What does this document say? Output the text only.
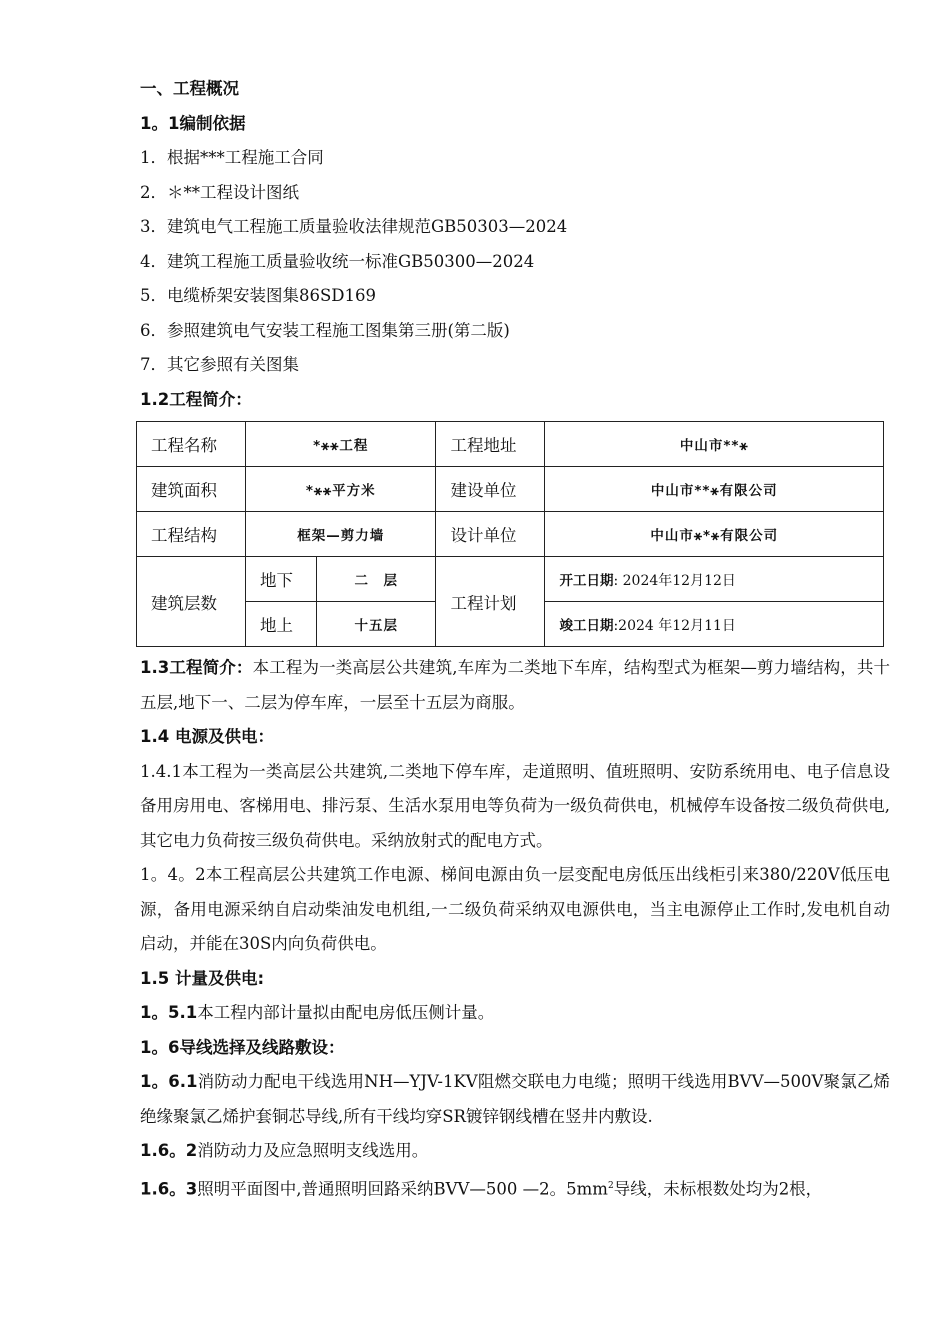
一、工程概况
1。1编制依据
1．根据***工程施工合同
2．＊**工程设计图纸
3．建筑电气工程施工质量验收法律规范GB50303—2024
4．建筑工程施工质量验收统一标准GB50300—2024
5．电缆桥架安装图集86SD169
6．参照建筑电气安装工程施工图集第三册(第二版)
7．其它参照有关图集
1.2工程简介：
工程名称	*⚹⚹工程		工程地址	中山市**⚹
建筑面积	*⚹⚹平方米		建设单位	中山市**⚹有限公司
工程结构	框架—剪力墙		设计单位	中山市⚹*⚹有限公司
建筑层数	地下	二　层	工程计划	开工日期: 2024年12月12日
	地上	十五层		竣工日期:2024 年12月11日
1.3工程简介：本工程为一类高层公共建筑,车库为二类地下车库，结构型式为框架—剪力墙结构，共十五层,地下一、二层为停车库，一层至十五层为商服。
1.4 电源及供电：
1.4.1本工程为一类高层公共建筑,二类地下停车库，走道照明、值班照明、安防系统用电、电子信息设备用房用电、客梯用电、排污泵、生活水泵用电等负荷为一级负荷供电，机械停车设备按二级负荷供电,其它电力负荷按三级负荷供电。采纳放射式的配电方式。
1。4。2本工程高层公共建筑工作电源、梯间电源由负一层变配电房低压出线柜引来380/220V低压电源，备用电源采纳自启动柴油发电机组,一二级负荷采纳双电源供电，当主电源停止工作时,发电机自动启动，并能在30S内向负荷供电。
1.5 计量及供电:
1。5.1本工程内部计量拟由配电房低压侧计量。
1。6导线选择及线路敷设：
1。6.1消防动力配电干线选用NH—YJV-1KV阻燃交联电力电缆；照明干线选用BVV—500V聚氯乙烯绝缘聚氯乙烯护套铜芯导线,所有干线均穿SR镀锌钢线槽在竖井内敷设.
1.6。2消防动力及应急照明支线选用。
1.6。3照明平面图中,普通照明回路采纳BVV—500 —2。$5mm^2$导线，未标根数处均为2根，
